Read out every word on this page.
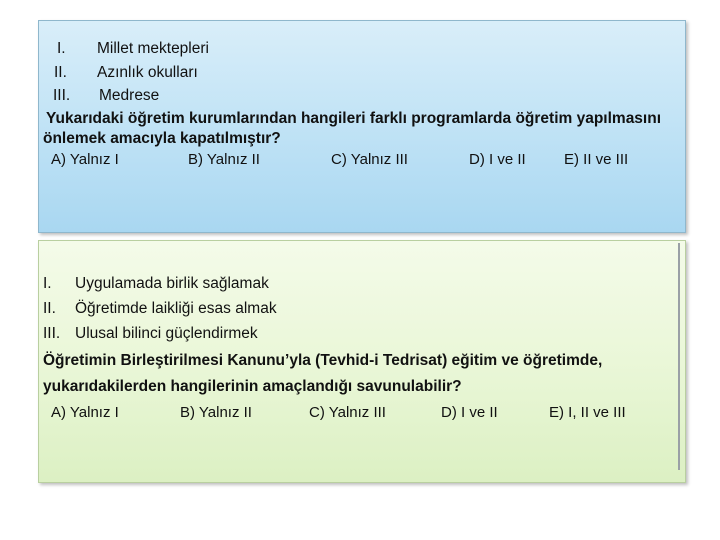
I. Millet mektepleri
II. Azınlık okulları
III. Medrese
Yukarıdaki öğretim kurumlarından hangileri farklı programlarda öğretim yapılmasını
önlemek amacıyla kapatılmıştır?
A) Yalnız I	B) Yalnız II	C) Yalnız III	D) I ve II	E) II ve III
I. Uygulamada birlik sağlamak
II. Öğretimde laikliği esas almak
III. Ulusal bilinci güçlendirmek
Öğretimin Birleştirilmesi Kanunu’yla (Tevhid-i Tedrisat) eğitim ve öğretimde,
yukarıdakilerden hangilerinin amaçlandığı savunulabilir?
A) Yalnız I	B) Yalnız II	C) Yalnız III	D) I ve II	E) I, II ve III
